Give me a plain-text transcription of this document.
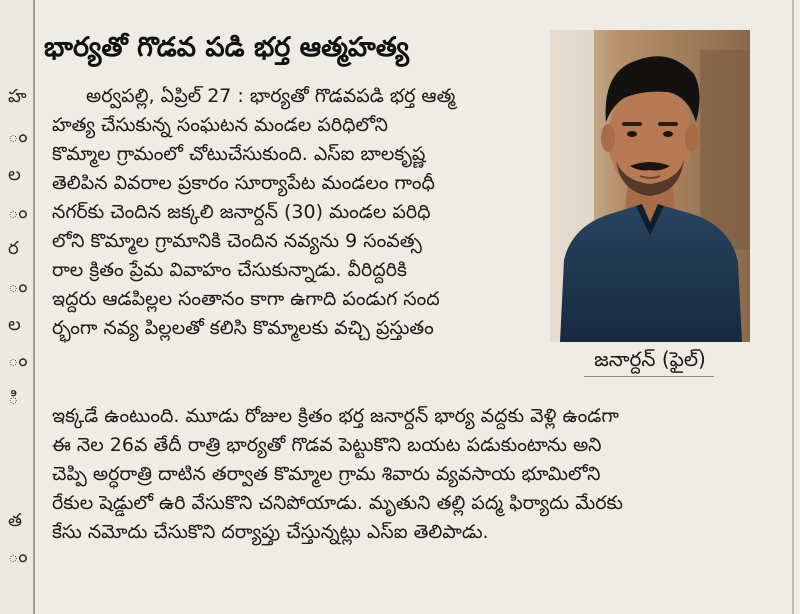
హ
ం
ల
ం
ర
ం
ల
ం
ి
త
ం
భార్యతో గొడవ పడి భర్త ఆత్మహత్య
అర్వపల్లి, ఏప్రిల్ 27 : భార్యతో గొడవపడి భర్త ఆత్మ
హత్య చేసుకున్న సంఘటన మండల పరిధిలోని
కొమ్మాల గ్రామంలో చోటుచేసుకుంది. ఎస్ఐ బాలకృష్ణ
తెలిపిన వివరాల ప్రకారం సూర్యాపేట మండలం గాంధీ
నగర్‌కు చెందిన జక్కలి జనార్దన్ (30) మండల పరిధి
లోని కొమ్మాల గ్రామానికి చెందిన నవ్యను 9 సంవత్స
రాల క్రితం ప్రేమ వివాహం చేసుకున్నాడు. వీరిద్దరికి
ఇద్దరు ఆడపిల్లల సంతానం కాగా ఉగాది పండుగ సంద
ర్భంగా నవ్య పిల్లలతో కలిసి కొమ్మాలకు వచ్చి ప్రస్తుతం
ఇక్కడే ఉంటుంది. మూడు రోజుల క్రితం భర్త జనార్దన్ భార్య వద్దకు వెళ్లి ఉండగా
ఈ నెల 26వ తేదీ రాత్రి భార్యతో గొడవ పెట్టుకొని బయట పడుకుంటాను అని
చెప్పి అర్ధరాత్రి దాటిన తర్వాత కొమ్మాల గ్రామ శివారు వ్యవసాయ భూమిలోని
రేకుల షెడ్డులో ఉరి వేసుకొని చనిపోయాడు. మృతుని తల్లి పద్మ ఫిర్యాదు మేరకు
కేసు నమోదు చేసుకొని దర్యాప్తు చేస్తున్నట్లు ఎస్ఐ తెలిపాడు.
జనార్దన్ (ఫైల్)
